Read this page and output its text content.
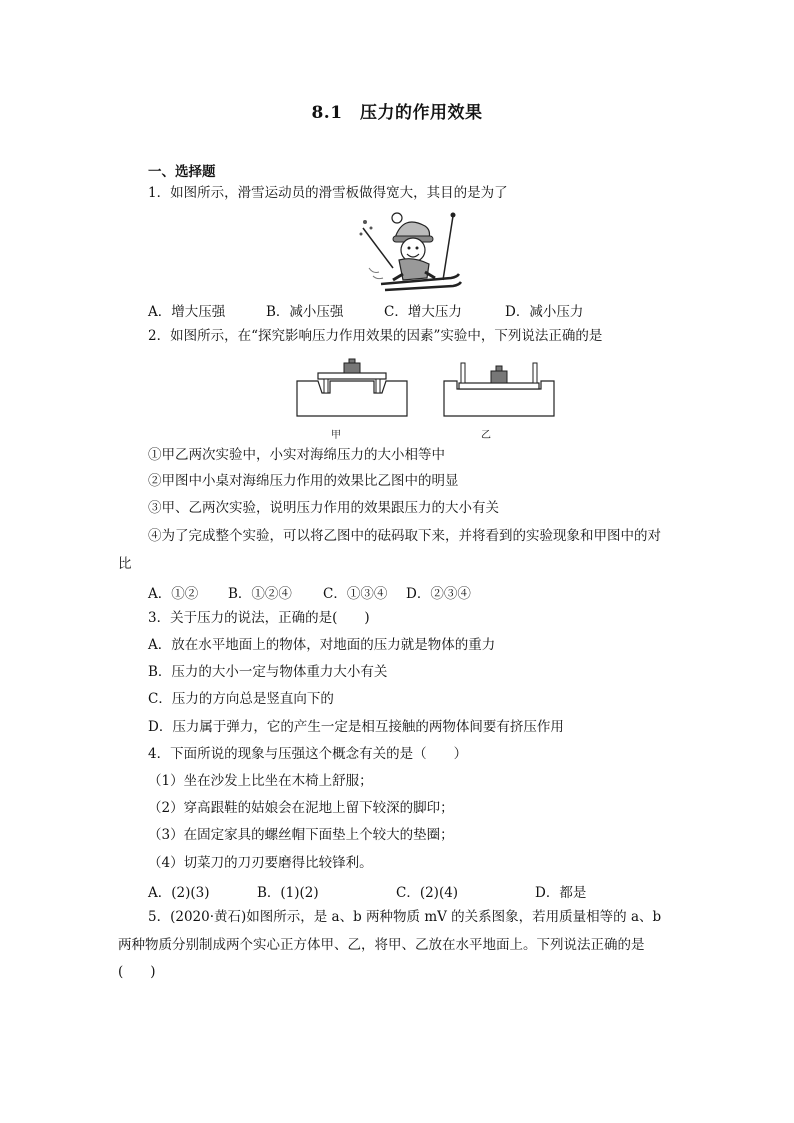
8.1　压力的作用效果
一、选择题
1．如图所示，滑雪运动员的滑雪板做得宽大，其目的是为了
A．增大压强	B．减小压强	C．增大压力	D．减小压力
2．如图所示，在“探究影响压力作用效果的因素”实验中，下列说法正确的是
甲	乙
①甲乙两次实验中，小实对海绵压力的大小相等中
②甲图中小桌对海绵压力作用的效果比乙图中的明显
③甲、乙两次实验，说明压力作用的效果跟压力的大小有关
④为了完成整个实验，可以将乙图中的砝码取下来，并将看到的实验现象和甲图中的对
比
A．①② B．①②④ C．①③④ D．②③④
3．关于压力的说法，正确的是(　　)
A．放在水平地面上的物体，对地面的压力就是物体的重力
B．压力的大小一定与物体重力大小有关
C．压力的方向总是竖直向下的
D．压力属于弹力，它的产生一定是相互接触的两物体间要有挤压作用
4．下面所说的现象与压强这个概念有关的是（　　）
（1）坐在沙发上比坐在木椅上舒服；
（2）穿高跟鞋的姑娘会在泥地上留下较深的脚印；
（3）在固定家具的螺丝帽下面垫上个较大的垫圈；
（4）切菜刀的刀刃要磨得比较锋利。
A．(2)(3)	B．(1)(2)	C．(2)(4)	D．都是
5．(2020·黄石)如图所示，是 a、b 两种物质 mV 的关系图象，若用质量相等的 a、b
两种物质分别制成两个实心正方体甲、乙，将甲、乙放在水平地面上。下列说法正确的是
(　　)
